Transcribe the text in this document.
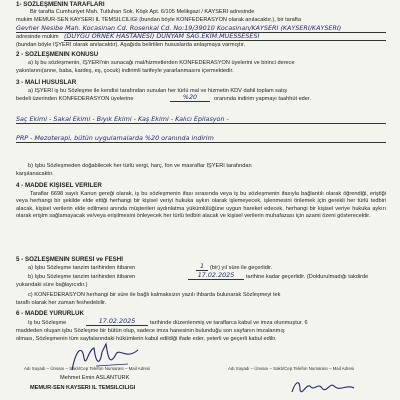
1- SÖZLEŞMENİN TARAFLARI
Bir tarafta Cumhuriyet Mah. Tutluhan Sok. Köşk Apt. 6/105 Melikgazi / KAYSERİ adresinde
mukim MEMUR-SEN KAYSERİ İL TEMSİLCİLİĞİ (bundan böyle KONFEDERASYON olarak anılacaktır.), bir tarafta
Gevher Nesibe Mah. Kocasinan Cd. Rosenkal Cd. No:19/39010 Kocasinan/KAYSERİ (KAYSERİ/KAYSERİ)
adresinde mukim (DUYGU ÖRNEK HASTANESİ) DÜNYAM SAĞ.EKİM.MÜESSESESİ
(bundan böyle İŞYERİ olarak anılacaktır). Aşağıda belirtilen hususlarda anlaşmaya varmıştır.
2 - SÖZLEŞMENİN KONUSU
a) İş bu sözleşmenin, İŞYERİ'nin sunacağı mal/hizmetlerden KONFEDERASYON üyelerini ve birinci derece
yakınlarını(anne, baba, kardeş, eş, çocuk) indirimli tarifeyle yararlanmasını içermektedir.
3 - MALİ HUSUSLAR
a) İŞYERİ iş bu Sözleşme ile kendisi tarafından sunulan her türlü mal ve hizmetin KDV dahil toplam satış
bedeli üzerinden KONFEDERASYON üyelerine	%20	oranında indirim yapmayı taahhüt eder.
Saç Ekimi - Sakal Ekimi - Bıyık Ekimi - Kaş Ekimi - Kalıcı Epilasyon -
PRP - Mezoterapi, bütün uygulamalarda %20 oranında indirim
b) İşbu Sözleşmeden doğabilecek her türlü vergi, harç, fon ve masraflar İŞYERİ tarafından
karşılanacaktır.
4 - MADDE KİŞİSEL VERİLER
Taraflar 6698 sayılı Kanun gereği olarak, iş bu sözleşmenin ifası sırasında veya iş bu sözleşmenin ifasıyla bağlantılı olarak öğrendiği, eriştiği veya herhangi bir şekilde elde ettiği herhangi bir kişisel veriyi hukuka aykırı olarak işlemeyecek, işlenmesini önlemek için gerekli her türlü tedbiri alacak, kişisel verilerin elde edilmesi anında müşterileri aydınlatma yükümlülüğüne uygun hareket edecek, herhangi bir kişisel veriye hukuka aykırı olarak erişim sağlamayacak ve/veya erişilmesini önleyecek her türlü tedbiri alacak ve kişisel verilerin muhafazası için azami özeni gösterecektir.
5 - SÖZLEŞMENİN SÜRESİ ve FESHİ
a) İşbu Sözleşme tanzim tarihinden itibaren	1	(bir) yıl süre ile geçerlidir.
b) İşbu Sözleşme tanzim tarihinden itibaren	17.02.2025	tarihine kadar geçerlidir. (Doldurulmadığı takdirde
yukarıdaki süre bağlayıcıdır.)
c) KONFEDERASYON herhangi bir süre ile bağlı kalmaksızın yazılı ihbarda bulunarak Sözleşmeyi tek
taraflı olarak her zaman feshedebilir.
6 - MADDE YÜRÜRLÜK
İş bu Sözleşme	17.02.2025	tarihinde düzenlenmiş ve taraflarca kabul ve imza olunmuştur. 6
maddeden oluşan işbu Sözleşme bir bütün olup, sadece imza hanesinin bulunduğu son sayfanın imzalanmış
olması, Sözleşmenin tüm sayfalarındaki hükümlerin kabul edildiği ifade eder, yeterli ve geçerli kabul edilir.
Adı Soyadı – Ünvanı – Saklı/Cep Telefon Numarası – Mail Adresi
Mehmet Emin ASLANTÜRK
MEMUR-SEN KAYSERİ İL TEMSİLCİLİĞİ
Adı Soyadı – Ünvanı – Saklı/Cep Telefon Numarası – Mail Adresi
